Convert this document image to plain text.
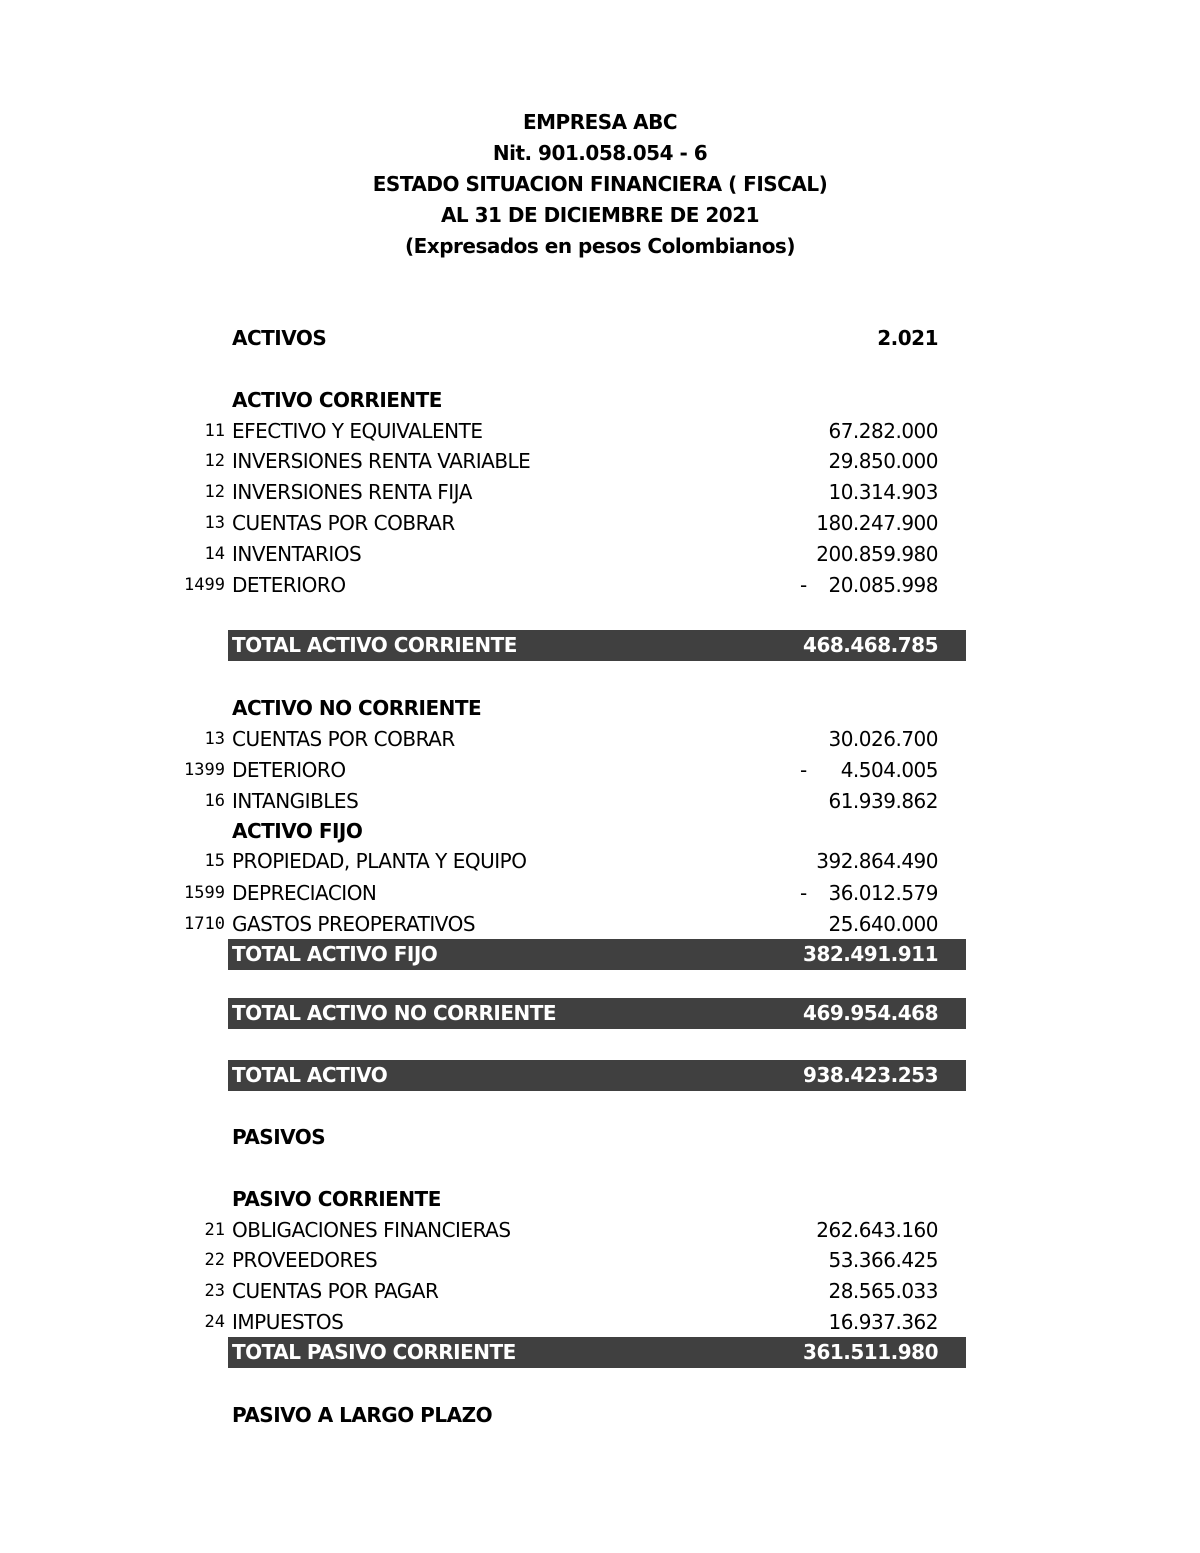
EMPRESA ABC
Nit. 901.058.054 - 6
ESTADO SITUACION FINANCIERA ( FISCAL)
AL 31 DE DICIEMBRE DE 2021
(Expresados en pesos Colombianos)
ACTIVOS	2.021
ACTIVO CORRIENTE
11 EFECTIVO Y EQUIVALENTE	67.282.000
12 INVERSIONES RENTA VARIABLE	29.850.000
12 INVERSIONES RENTA FIJA	10.314.903
13 CUENTAS POR COBRAR	180.247.900
14 INVENTARIOS	200.859.980
1499 DETERIORO	- 20.085.998
TOTAL ACTIVO CORRIENTE	468.468.785
ACTIVO NO CORRIENTE
13 CUENTAS POR COBRAR	30.026.700
1399 DETERIORO	- 4.504.005
16 INTANGIBLES	61.939.862
ACTIVO FIJO
15 PROPIEDAD, PLANTA Y EQUIPO	392.864.490
1599 DEPRECIACION	- 36.012.579
1710 GASTOS PREOPERATIVOS	25.640.000
TOTAL ACTIVO FIJO	382.491.911
TOTAL ACTIVO NO CORRIENTE	469.954.468
TOTAL ACTIVO	938.423.253
PASIVOS
PASIVO CORRIENTE
21 OBLIGACIONES FINANCIERAS	262.643.160
22 PROVEEDORES	53.366.425
23 CUENTAS POR PAGAR	28.565.033
24 IMPUESTOS	16.937.362
TOTAL PASIVO CORRIENTE	361.511.980
PASIVO A LARGO PLAZO
